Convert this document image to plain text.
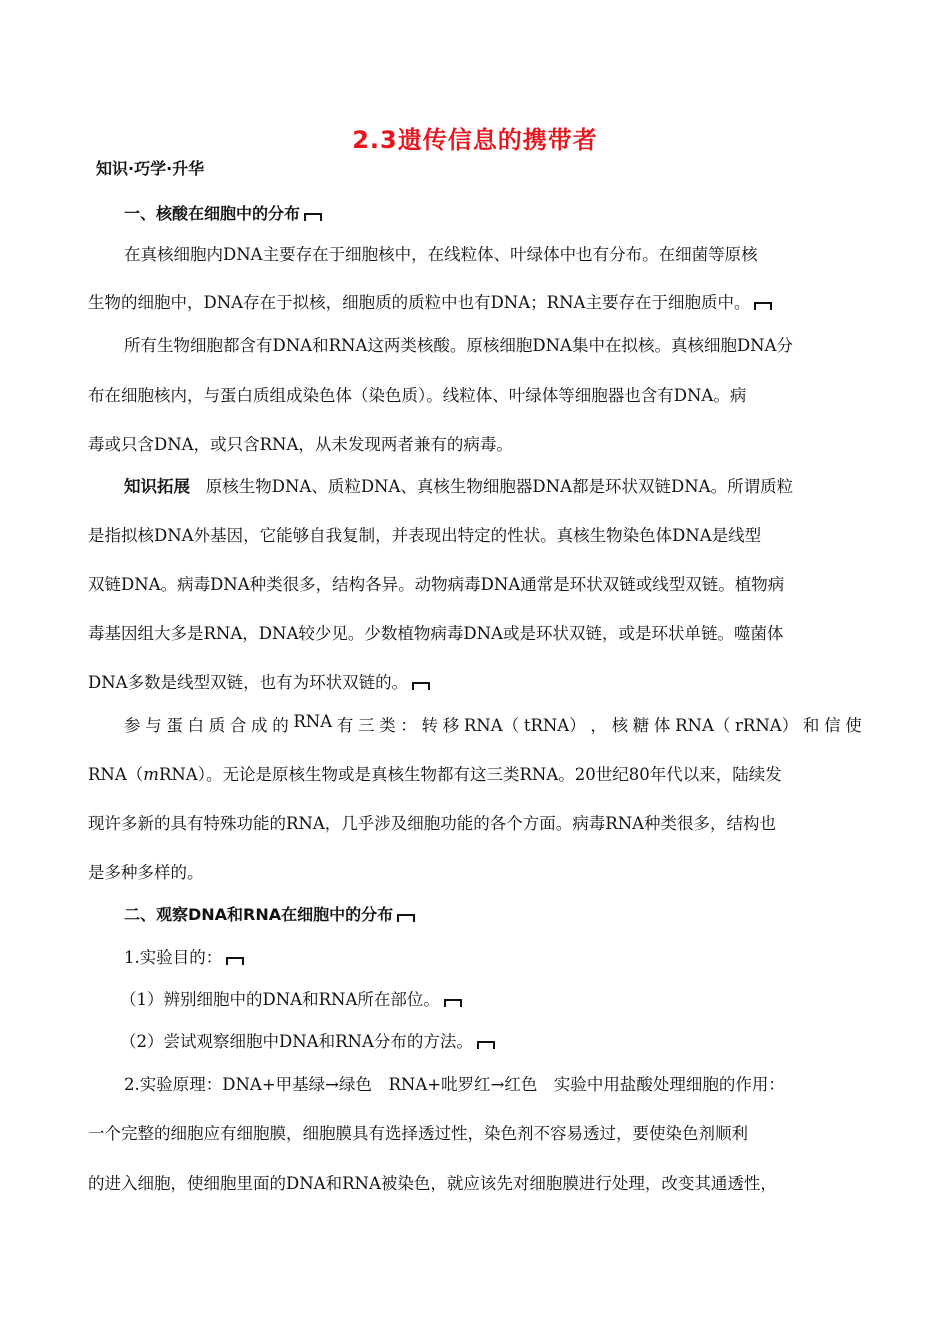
2.3遗传信息的携带者
知识·巧学·升华
一、核酸在细胞中的分布
在真核细胞内DNA主要存在于细胞核中，在线粒体、叶绿体中也有分布。在细菌等原核
生物的细胞中，DNA存在于拟核，细胞质的质粒中也有DNA；RNA主要存在于细胞质中。
所有生物细胞都含有DNA和RNA这两类核酸。原核细胞DNA集中在拟核。真核细胞DNA分
布在细胞核内，与蛋白质组成染色体（染色质）。线粒体、叶绿体等细胞器也含有DNA。病
毒或只含DNA，或只含RNA，从未发现两者兼有的病毒。
知识拓展 原核生物DNA、质粒DNA、真核生物细胞器DNA都是环状双链DNA。所谓质粒
是指拟核DNA外基因，它能够自我复制，并表现出特定的性状。真核生物染色体DNA是线型
双链DNA。病毒DNA种类很多，结构各异。动物病毒DNA通常是环状双链或线型双链。植物病
毒基因组大多是RNA，DNA较少见。少数植物病毒DNA或是环状双链，或是环状单链。噬菌体
DNA多数是线型双链，也有为环状双链的。
参 与 蛋 白 质 合 成 的 RNA 有 三 类 ： 转 移 RNA（ tRNA） ， 核 糖 体 RNA（ rRNA） 和 信 使
RNA（mRNA）。无论是原核生物或是真核生物都有这三类RNA。20世纪80年代以来，陆续发
现许多新的具有特殊功能的RNA，几乎涉及细胞功能的各个方面。病毒RNA种类很多，结构也
是多种多样的。
二、观察DNA和RNA在细胞中的分布
1.实验目的：
（1）辨别细胞中的DNA和RNA所在部位。
（2）尝试观察细胞中DNA和RNA分布的方法。
2.实验原理：DNA+甲基绿→绿色　RNA+吡罗红→红色　实验中用盐酸处理细胞的作用：
一个完整的细胞应有细胞膜，细胞膜具有选择透过性，染色剂不容易透过，要使染色剂顺利
的进入细胞，使细胞里面的DNA和RNA被染色，就应该先对细胞膜进行处理，改变其通透性，
